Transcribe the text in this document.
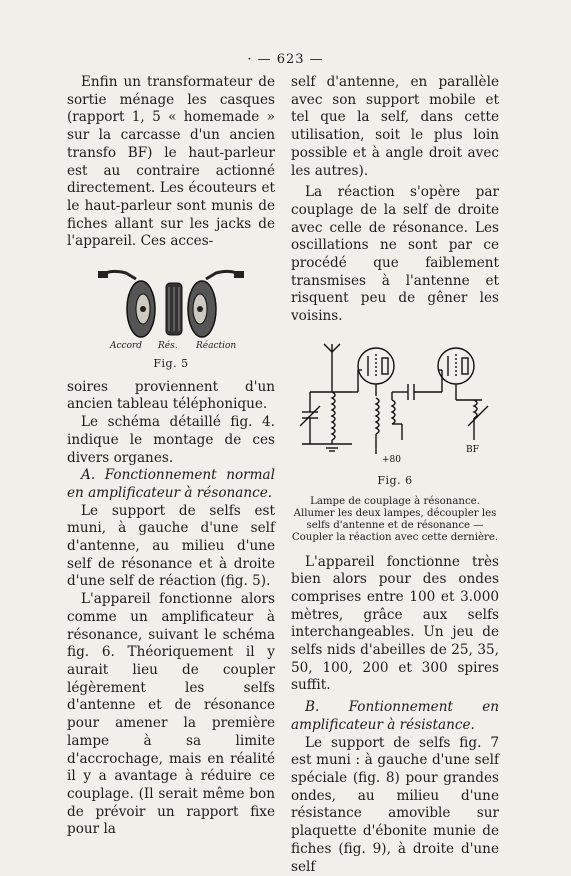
· — 623 —

Enfin un transformateur de sortie ménage les casques (rapport 1, 5 « homemade » sur la carcasse d'un ancien transfo BF) le haut-parleur est au contraire actionné directement. Les écouteurs et le haut-parleur sont munis de fiches allant sur les jacks de l'appareil. Ces acces-

Accord Rés. Réaction
Fig. 5

soires proviennent d'un ancien tableau téléphonique.

Le schéma détaillé fig. 4. indique le montage de ces divers organes.

A. Fonctionnement normal en amplificateur à résonance.

Le support de selfs est muni, à gauche d'une self d'antenne, au milieu d'une self de résonance et à droite d'une self de réaction (fig. 5).

L'appareil fonctionne alors comme un amplificateur à résonance, suivant le schéma fig. 6. Théoriquement il y aurait lieu de coupler légèrement les selfs d'antenne et de résonance pour amener la première lampe à sa limite d'accrochage, mais en réalité il y a avantage à réduire ce couplage. (Il serait même bon de prévoir un rapport fixe pour la

self d'antenne, en parallèle avec son support mobile et tel que la self, dans cette utilisation, soit le plus loin possible et à angle droit avec les autres).

La réaction s'opère par couplage de la self de droite avec celle de résonance. Les oscillations ne sont par ce procédé que faiblement transmises à l'antenne et risquent peu de gêner les voisins.

+80
BF
Fig. 6
Lampe de couplage à résonance.
Allumer les deux lampes, découpler les selfs d'antenne et de résonance —
Coupler la réaction avec cette dernière.

L'appareil fonctionne très bien alors pour des ondes comprises entre 100 et 3.000 mètres, grâce aux selfs interchangeables. Un jeu de selfs nids d'abeilles de 25, 35, 50, 100, 200 et 300 spires suffit.

B. Fontionnement en amplificateur à résistance.

Le support de selfs fig. 7 est muni : à gauche d'une self spéciale (fig. 8) pour grandes ondes, au milieu d'une résistance amovible sur plaquette d'ébonite munie de fiches (fig. 9), à droite d'une self
